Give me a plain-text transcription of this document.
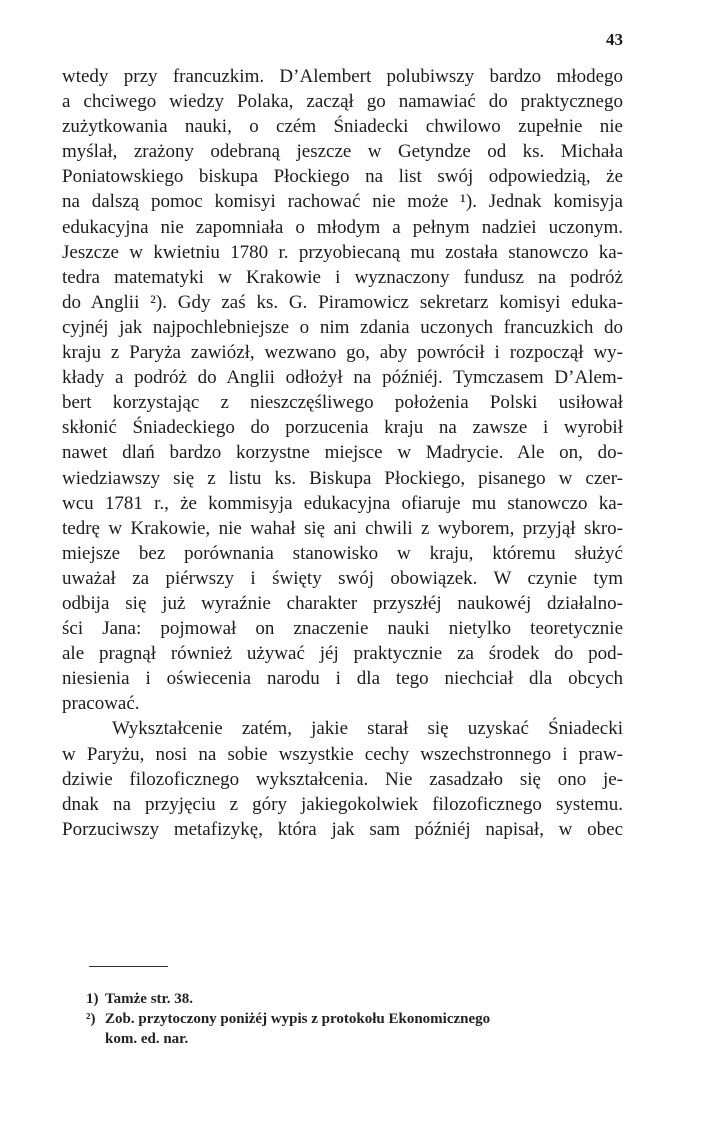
43
wtedy przy francuzkim. D’Alembert polubiwszy bardzo młodego
a chciwego wiedzy Polaka, zaczął go namawiać do praktycznego
zużytkowania nauki, o czém Śniadecki chwilowo zupełnie nie
myślał, zrażony odebraną jeszcze w Getyndze od ks. Michała
Poniatowskiego biskupa Płockiego na list swój odpowiedzią, że
na dalszą pomoc komisyi rachować nie może ¹). Jednak komisyja
edukacyjna nie zapomniała o młodym a pełnym nadziei uczonym.
Jeszcze w kwietniu 1780 r. przyobiecaną mu została stanowczo ka-
tedra matematyki w Krakowie i wyznaczony fundusz na podróż
do Anglii ²). Gdy zaś ks. G. Piramowicz sekretarz komisyi eduka-
cyjnéj jak najpochlebniejsze o nim zdania uczonych francuzkich do
kraju z Paryża zawiózł, wezwano go, aby powrócił i rozpoczął wy-
kłady a podróż do Anglii odłożył na późniéj. Tymczasem D’Alem-
bert korzystając z nieszczęśliwego położenia Polski usiłował
skłonić Śniadeckiego do porzucenia kraju na zawsze i wyrobił
nawet dlań bardzo korzystne miejsce w Madrycie. Ale on, do-
wiedziawszy się z listu ks. Biskupa Płockiego, pisanego w czer-
wcu 1781 r., że kommisyja edukacyjna ofiaruje mu stanowczo ka-
tedrę w Krakowie, nie wahał się ani chwili z wyborem, przyjął skro-
miejsze bez porównania stanowisko w kraju, któremu służyć
uważał za piérwszy i święty swój obowiązek. W czynie tym
odbija się już wyraźnie charakter przyszłéj naukowéj działalno-
ści Jana: pojmował on znaczenie nauki nietylko teoretycznie
ale pragnął również używać jéj praktycznie za środek do pod-
niesienia i oświecenia narodu i dla tego niechciał dla obcych
pracować.
Wykształcenie zatém, jakie starał się uzyskać Śniadecki
w Paryżu, nosi na sobie wszystkie cechy wszechstronnego i praw-
dziwie filozoficznego wykształcenia. Nie zasadzało się ono je-
dnak na przyjęciu z góry jakiegokolwiek filozoficznego systemu.
Porzuciwszy metafizykę, która jak sam późniéj napisał, w obec
1) Tamże str. 38.
²) Zob. przytoczony poniżéj wypis z protokołu Ekonomicznego
kom. ed. nar.
